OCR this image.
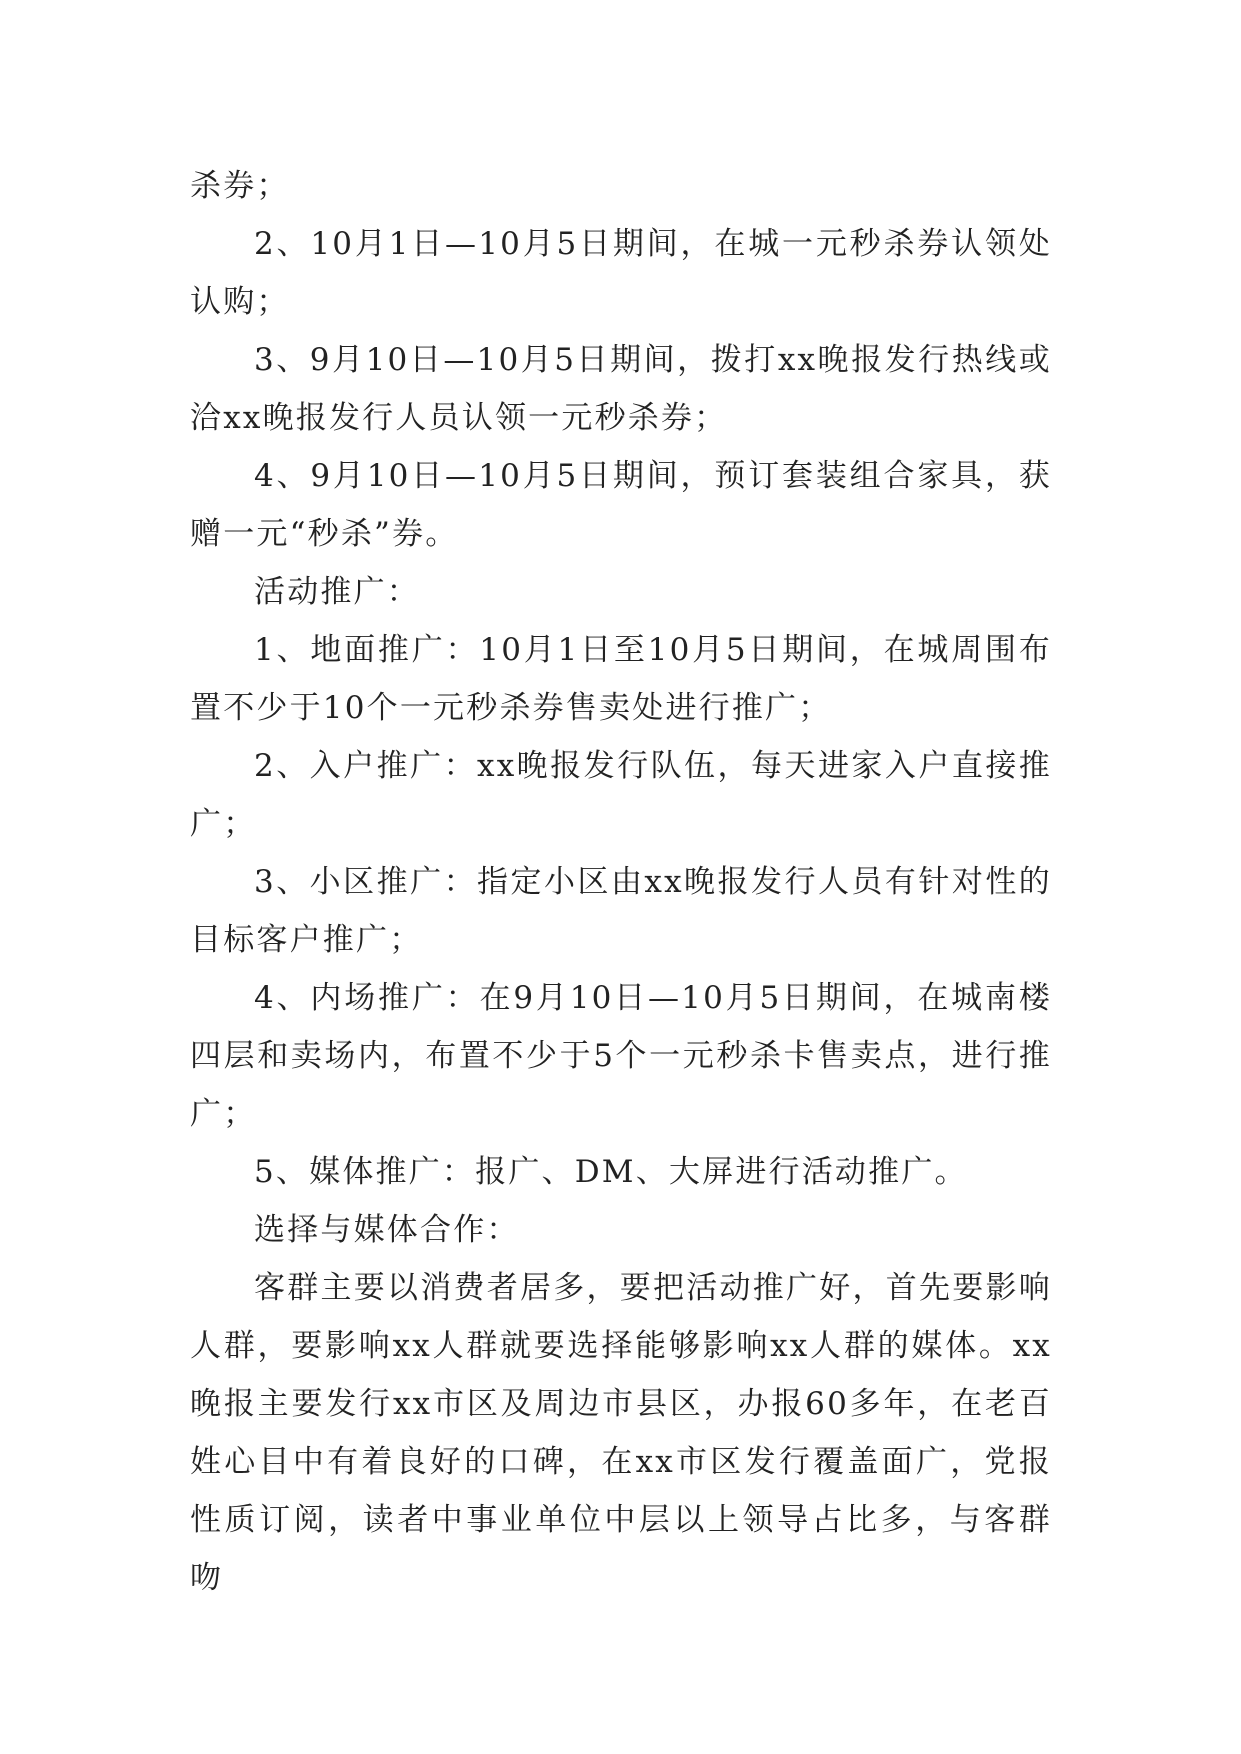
杀券；

2、10月1日—10月5日期间，在城一元秒杀券认领处认购；

3、9月10日—10月5日期间，拨打xx晚报发行热线或洽xx晚报发行人员认领一元秒杀券；

4、9月10日—10月5日期间，预订套装组合家具，获赠一元“秒杀”券。

活动推广：

1、地面推广：10月1日至10月5日期间，在城周围布置不少于10个一元秒杀券售卖处进行推广；

2、入户推广：xx晚报发行队伍，每天进家入户直接推广；

3、小区推广：指定小区由xx晚报发行人员有针对性的目标客户推广；

4、内场推广：在9月10日—10月5日期间，在城南楼四层和卖场内，布置不少于5个一元秒杀卡售卖点，进行推广；

5、媒体推广：报广、DM、大屏进行活动推广。

选择与媒体合作：

客群主要以消费者居多，要把活动推广好，首先要影响人群，要影响xx人群就要选择能够影响xx人群的媒体。xx晚报主要发行xx市区及周边市县区，办报60多年，在老百姓心目中有着良好的口碑，在xx市区发行覆盖面广，党报性质订阅，读者中事业单位中层以上领导占比多，与客群吻
